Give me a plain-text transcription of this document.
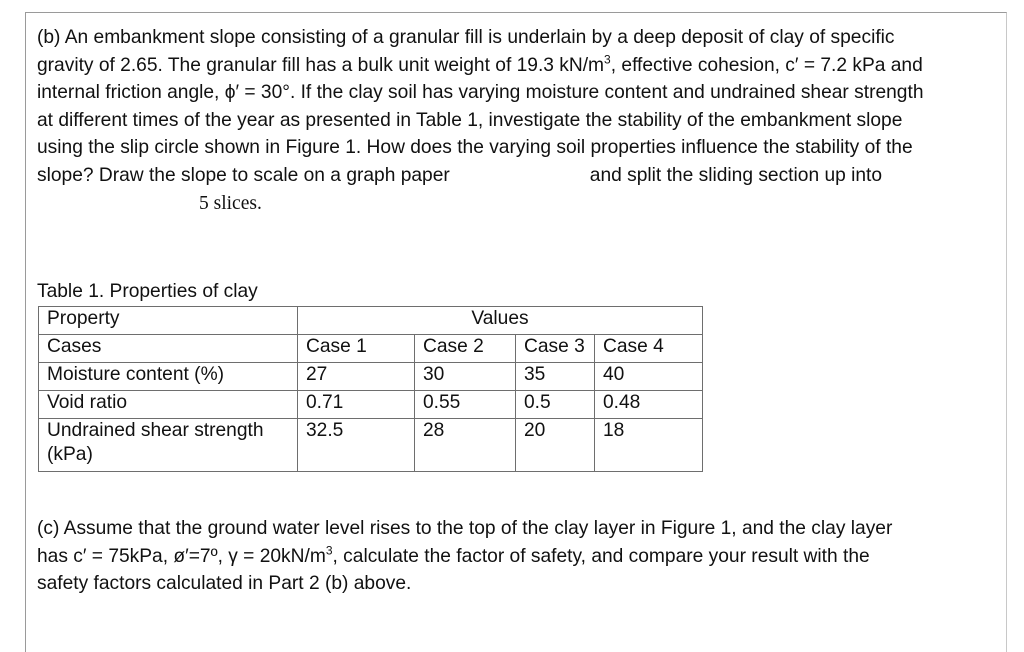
(b) An embankment slope consisting of a granular fill is underlain by a deep deposit of clay of specific
gravity of 2.65. The granular fill has a bulk unit weight of 19.3 $kN/m^3$, effective cohesion, c′ = 7.2 kPa and
internal friction angle, ϕ′ = 30°. If the clay soil has varying moisture content and undrained shear strength
at different times of the year as presented in Table 1, investigate the stability of the embankment slope
using the slip circle shown in Figure 1. How does the varying soil properties influence the stability of the
slope? Draw the slope to scale on a graph paper	and split the sliding section up into
5 slices.
Table 1. Properties of clay
Property	Values			
Cases	Case 1	Case 2	Case 3	Case 4
Moisture content (%)	27	30	35	40
Void ratio	0.71	0.55	0.5	0.48
Undrained shear strength
(kPa)	32.5	28	20	18
(c) Assume that the ground water level rises to the top of the clay layer in Figure 1, and the clay layer
has c′ = 75kPa, ø′=7º, $\gamma = 20kN/m^3$, calculate the factor of safety, and compare your result with the
safety factors calculated in Part 2 (b) above.
